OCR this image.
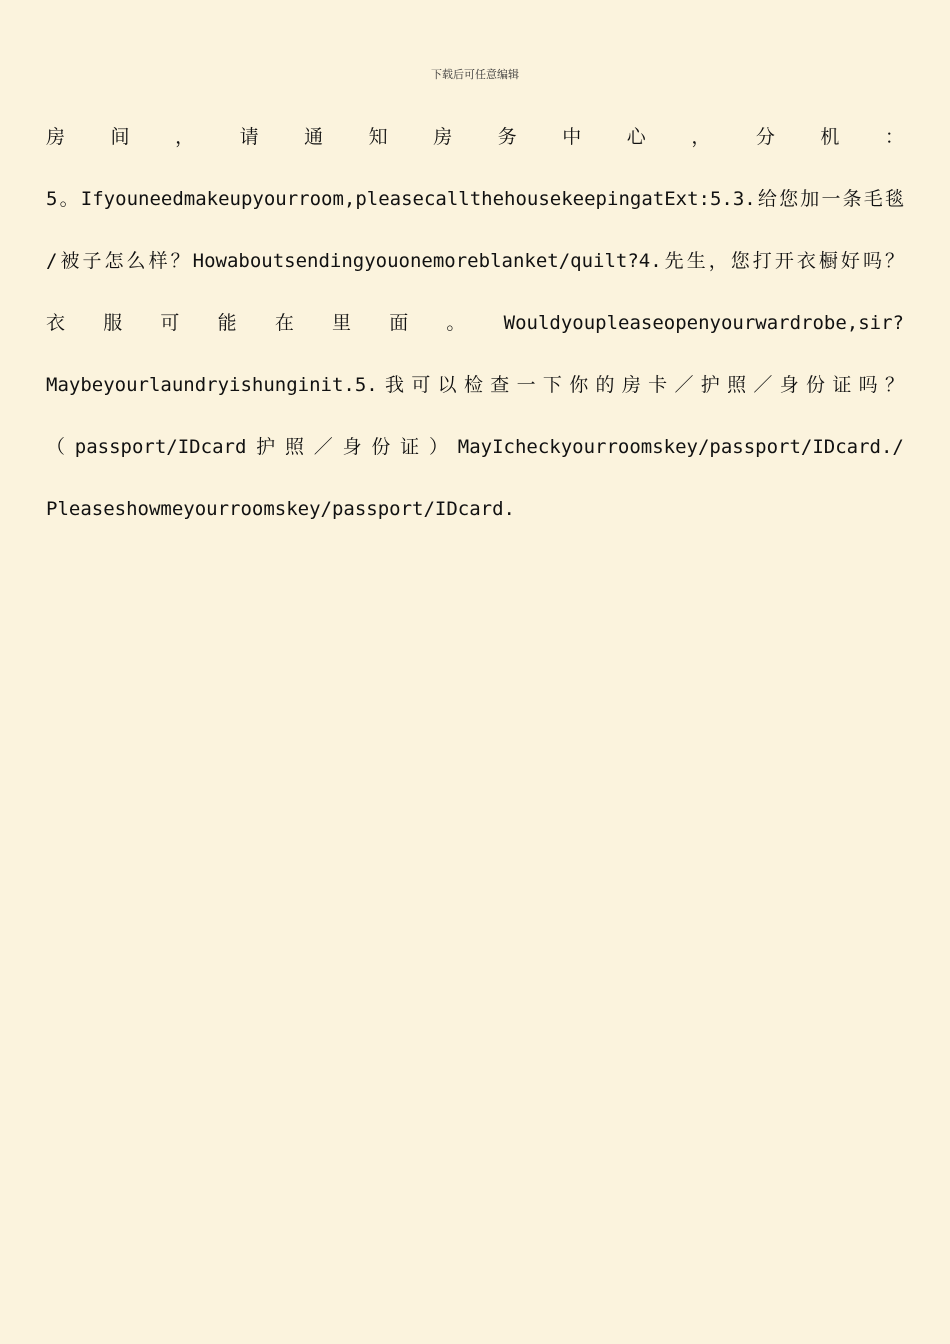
下载后可任意编辑
房 间 ， 请 通 知 房 务 中 心 ， 分 机 ：
5。Ifyouneedmakeupyourroom,pleasecallthehousekeepingatExt:5.3.给您加一条毛毯
/被子怎么样？Howaboutsendingyouonemoreblanket/quilt?4.先生，您打开衣橱好吗？
衣 服 可 能 在 里 面 。 Wouldyoupleaseopenyourwardrobe,sir?
Maybeyourlaundryishunginit.5.我可以检查一下你的房卡／护照／身份证吗？
（ passport/IDcard 护 照 ／ 身 份 证 ） MayIcheckyourroomskey/passport/IDcard./
Pleaseshowmeyourroomskey/passport/IDcard.
